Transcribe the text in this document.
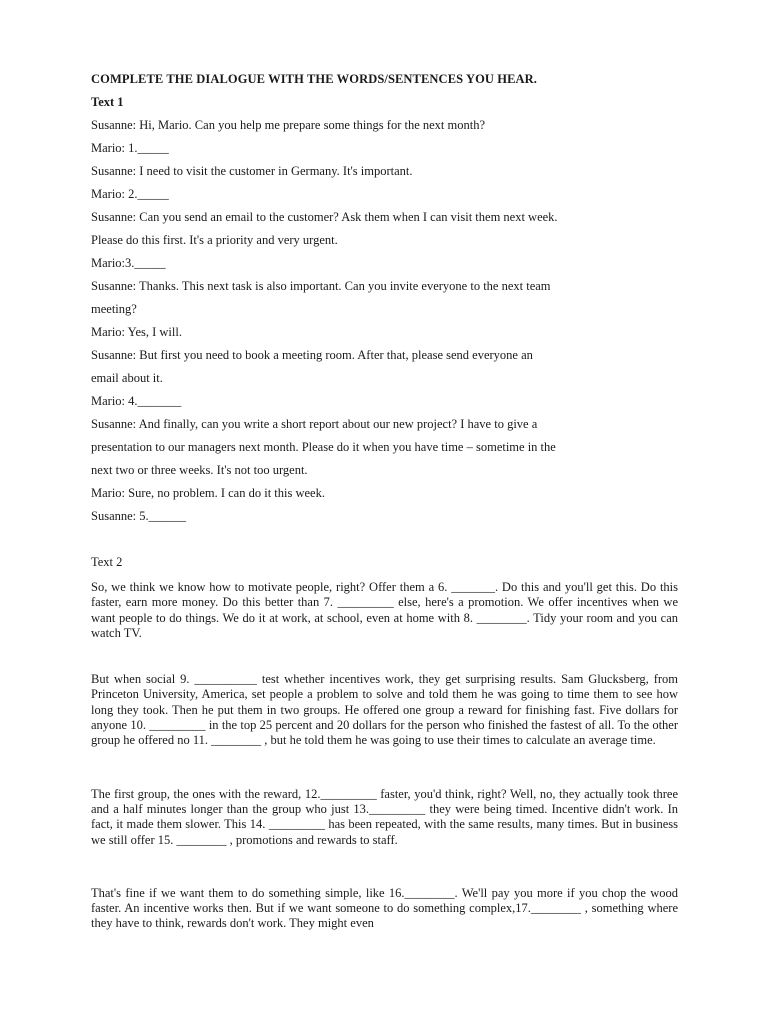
COMPLETE THE DIALOGUE WITH THE WORDS/SENTENCES YOU HEAR.
Text 1

Susanne: Hi, Mario. Can you help me prepare some things for the next month?

Mario: 1._____

Susanne: I need to visit the customer in Germany. It's important.

Mario: 2._____

Susanne: Can you send an email to the customer? Ask them when I can visit them next week.

Please do this first. It's a priority and very urgent.

Mario:3._____

Susanne: Thanks. This next task is also important. Can you invite everyone to the next team

meeting?

Mario: Yes, I will.

Susanne: But first you need to book a meeting room. After that, please send everyone an

email about it.

Mario: 4._______

Susanne: And finally, can you write a short report about our new project? I have to give a

presentation to our managers next month. Please do it when you have time – sometime in the

next two or three weeks. It's not too urgent.

Mario: Sure, no problem. I can do it this week.

Susanne: 5.______

Text 2

So, we think we know how to motivate people, right? Offer them a 6. _______. Do this and you'll get this. Do this faster, earn more money. Do this better than 7. _________ else, here's a promotion. We offer incentives when we want people to do things. We do it at work, at school, even at home with 8. ________. Tidy your room and you can watch TV.

But when social 9. __________ test whether incentives work, they get surprising results. Sam Glucksberg, from Princeton University, America, set people a problem to solve and told them he was going to time them to see how long they took. Then he put them in two groups. He offered one group a reward for finishing fast. Five dollars for anyone 10. _________ in the top 25 percent and 20 dollars for the person who finished the fastest of all. To the other group he offered no 11. ________ , but he told them he was going to use their times to calculate an average time.

The first group, the ones with the reward, 12._________ faster, you'd think, right? Well, no, they actually took three and a half minutes longer than the group who just 13._________ they were being timed. Incentive didn't work. In fact, it made them slower. This 14. _________ has been repeated, with the same results, many times. But in business we still offer 15. ________ , promotions and rewards to staff.

That's fine if we want them to do something simple, like 16.________. We'll pay you more if you chop the wood faster. An incentive works then. But if we want someone to do something complex,17.________ , something where they have to think, rewards don't work. They might even
